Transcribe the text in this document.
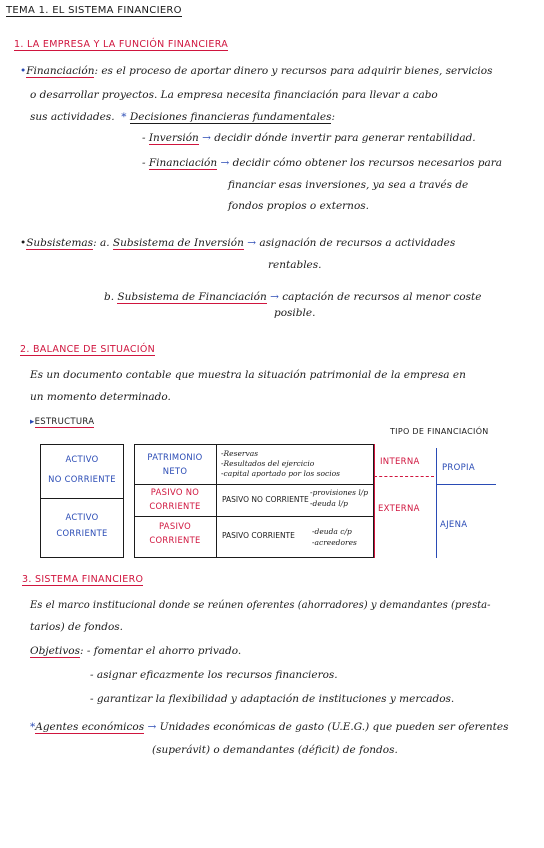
TEMA 1. EL SISTEMA FINANCIERO
1. LA EMPRESA Y LA FUNCIÓN FINANCIERA
•Financiación: es el proceso de aportar dinero y recursos para adquirir bienes, servicios
o desarrollar proyectos. La empresa necesita financiación para llevar a cabo
sus actividades.  * Decisiones financieras fundamentales:
- Inversión → decidir dónde invertir para generar rentabilidad.
- Financiación → decidir cómo obtener los recursos necesarios para
financiar esas inversiones, ya sea a través de
fondos propios o externos.
•Subsistemas: a. Subsistema de Inversión → asignación de recursos a actividades
rentables.
b. Subsistema de Financiación → captación de recursos al menor coste
posible.
2. BALANCE DE SITUACIÓN
Es un documento contable que muestra la situación patrimonial de la empresa en
un momento determinado.
▸ESTRUCTURA
TIPO DE FINANCIACIÓN
ACTIVO
NO CORRIENTE
ACTIVO
CORRIENTE
PATRIMONIO
NETO
PASIVO NO
CORRIENTE
PASIVO
CORRIENTE
-Reservas
-Resultados del ejercicio
-capital aportado por los socios
PASIVO NO CORRIENTE
-provisiones l/p
-deuda l/p
PASIVO CORRIENTE -deuda c/p
-acreedores
INTERNA
EXTERNA
PROPIA
AJENA
3. SISTEMA FINANCIERO
Es el marco institucional donde se reúnen oferentes (ahorradores) y demandantes (presta-
tarios) de fondos.
Objetivos: - fomentar el ahorro privado.
- asignar eficazmente los recursos financieros.
- garantizar la flexibilidad y adaptación de instituciones y mercados.
*Agentes económicos → Unidades económicas de gasto (U.E.G.) que pueden ser oferentes
(superávit) o demandantes (déficit) de fondos.
